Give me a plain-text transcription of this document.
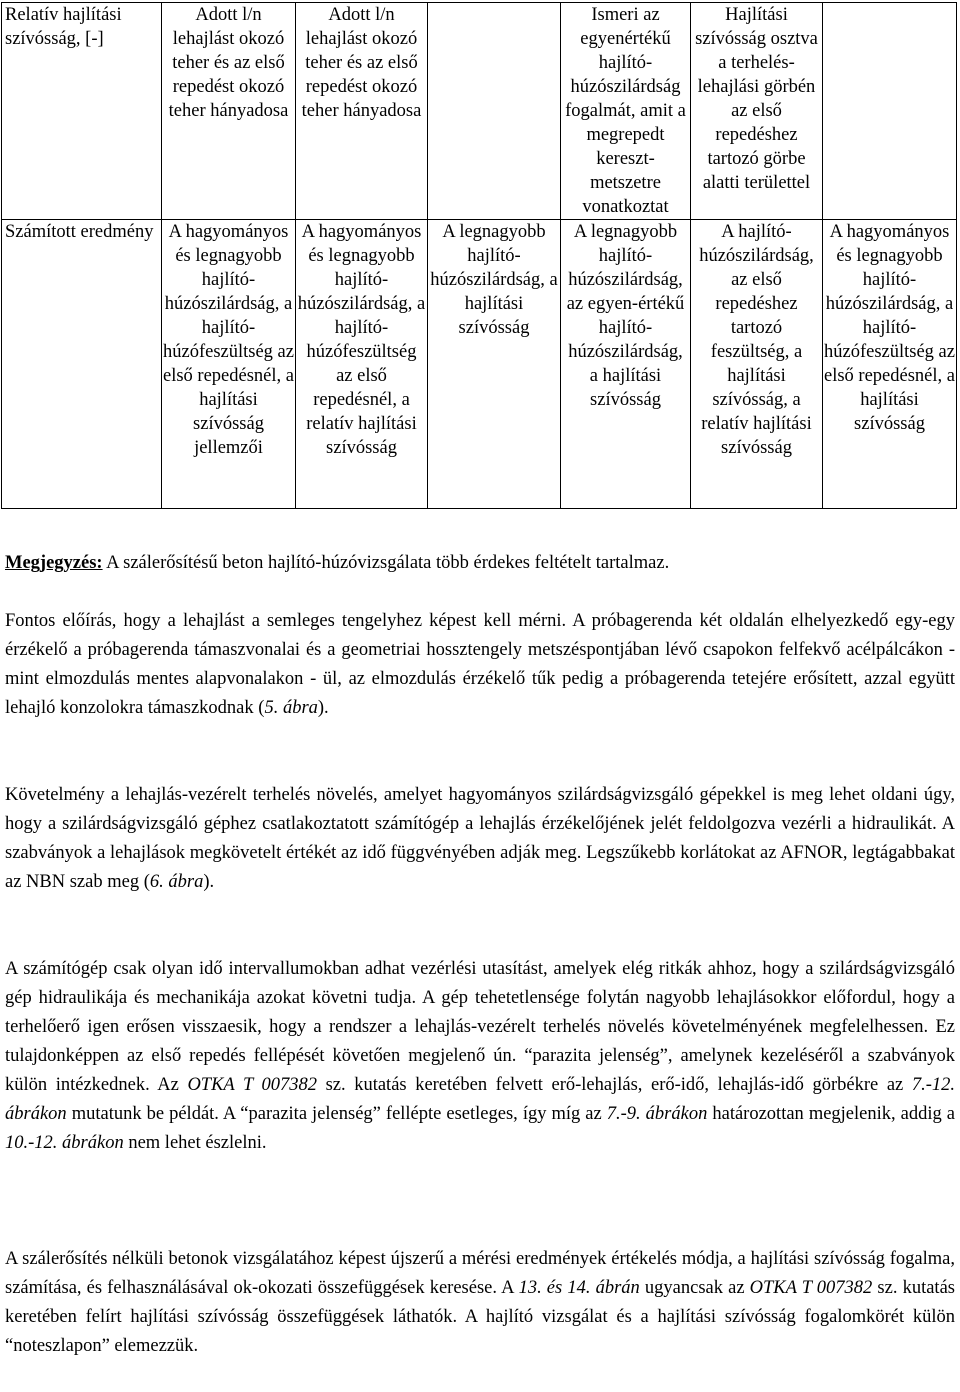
Relatív hajlítási szívósság, [-]	Adott l/n lehajlást okozó teher és az első repedést okozó teher hányadosa	Adott l/n lehajlást okozó teher és az első repedést okozó teher hányadosa		Ismeri az egyenértékű hajlító-húzószilárdság fogalmát, amit a megrepedt kereszt-metszetre vonatkoztat	Hajlítási szívósság osztva a terhelés-lehajlási görbén az első repedéshez tartozó görbe alatti területtel	
Számított eredmény	A hagyományos és legnagyobb hajlító-húzószilárdság, a hajlító-húzófeszültség az első repedésnél, a hajlítási szívósság jellemzői	A hagyományos és legnagyobb hajlító-húzószilárdság, a hajlító-húzófeszültség az első repedésnél, a relatív hajlítási szívósság	A legnagyobb hajlító-húzószilárdság, a hajlítási szívósság	A legnagyobb hajlító-húzószilárdság, az egyen-értékű hajlító-húzószilárdság, a hajlítási szívósság	A hajlító-húzószilárdság, az első repedéshez tartozó feszültség, a hajlítási szívósság, a relatív hajlítási szívósság	A hagyományos és legnagyobb hajlító-húzószilárdság, a hajlító-húzófeszültség az első repedésnél, a hajlítási szívósság

Megjegyzés: A szálerősítésű beton hajlító-húzóvizsgálata több érdekes feltételt tartalmaz.

Fontos előírás, hogy a lehajlást a semleges tengelyhez képest kell mérni. A próbagerenda két oldalán elhelyezkedő egy-egy érzékelő a próbagerenda támaszvonalai és a geometriai hossztengely metszéspontjában lévő csapokon felfekvő acélpálcákon - mint elmozdulás mentes alapvonalakon - ül, az elmozdulás érzékelő tűk pedig a próbagerenda tetejére erősített, azzal együtt lehajló konzolokra támaszkodnak (5. ábra).

Követelmény a lehajlás-vezérelt terhelés növelés, amelyet hagyományos szilárdságvizsgáló gépekkel is meg lehet oldani úgy, hogy a szilárdságvizsgáló géphez csatlakoztatott számítógép a lehajlás érzékelőjének jelét feldolgozva vezérli a hidraulikát. A szabványok a lehajlások megkövetelt értékét az idő függvényében adják meg. Legszűkebb korlátokat az AFNOR, legtágabbakat az NBN szab meg (6. ábra).

A számítógép csak olyan idő intervallumokban adhat vezérlési utasítást, amelyek elég ritkák ahhoz, hogy a szilárdságvizsgáló gép hidraulikája és mechanikája azokat követni tudja. A gép tehetetlensége folytán nagyobb lehajlásokkor előfordul, hogy a terhelőerő igen erősen visszaesik, hogy a rendszer a lehajlás-vezérelt terhelés növelés követelményének megfelelhessen. Ez tulajdonképpen az első repedés fellépését követően megjelenő ún. “parazita jelenség”, amelynek kezeléséről a szabványok külön intézkednek. Az OTKA T 007382 sz. kutatás keretében felvett erő-lehajlás, erő-idő, lehajlás-idő görbékre az 7.-12. ábrákon mutatunk be példát. A “parazita jelenség” fellépte esetleges, így míg az 7.-9. ábrákon határozottan megjelenik, addig a 10.-12. ábrákon nem lehet észlelni.

A szálerősítés nélküli betonok vizsgálatához képest újszerű a mérési eredmények értékelés módja, a hajlítási szívósság fogalma, számítása, és felhasználásával ok-okozati összefüggések keresése. A 13. és 14. ábrán ugyancsak az OTKA T 007382 sz. kutatás keretében felírt hajlítási szívósság összefüggések láthatók. A hajlító vizsgálat és a hajlítási szívósság fogalomkörét külön “noteszlapon” elemezzük.
